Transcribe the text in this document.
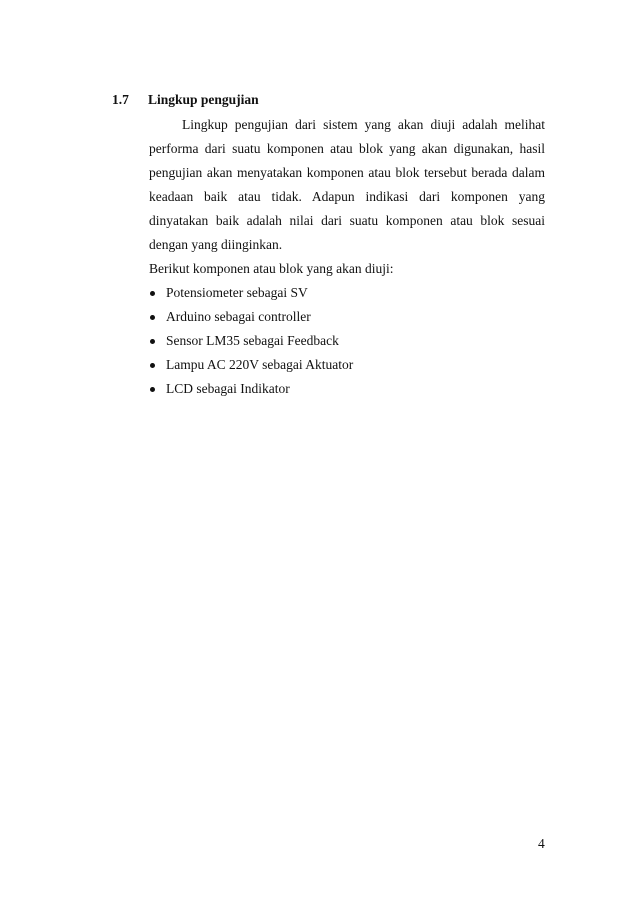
1.7 Lingkup pengujian

Lingkup pengujian dari sistem yang akan diuji adalah melihat performa dari suatu komponen atau blok yang akan digunakan, hasil pengujian akan menyatakan komponen atau blok tersebut berada dalam keadaan baik atau tidak. Adapun indikasi dari komponen yang dinyatakan baik adalah nilai dari suatu komponen atau blok sesuai dengan yang diinginkan.

Berikut komponen atau blok yang akan diuji:

Potensiometer sebagai SV
Arduino sebagai controller
Sensor LM35 sebagai Feedback
Lampu AC 220V sebagai Aktuator
LCD sebagai Indikator
4
